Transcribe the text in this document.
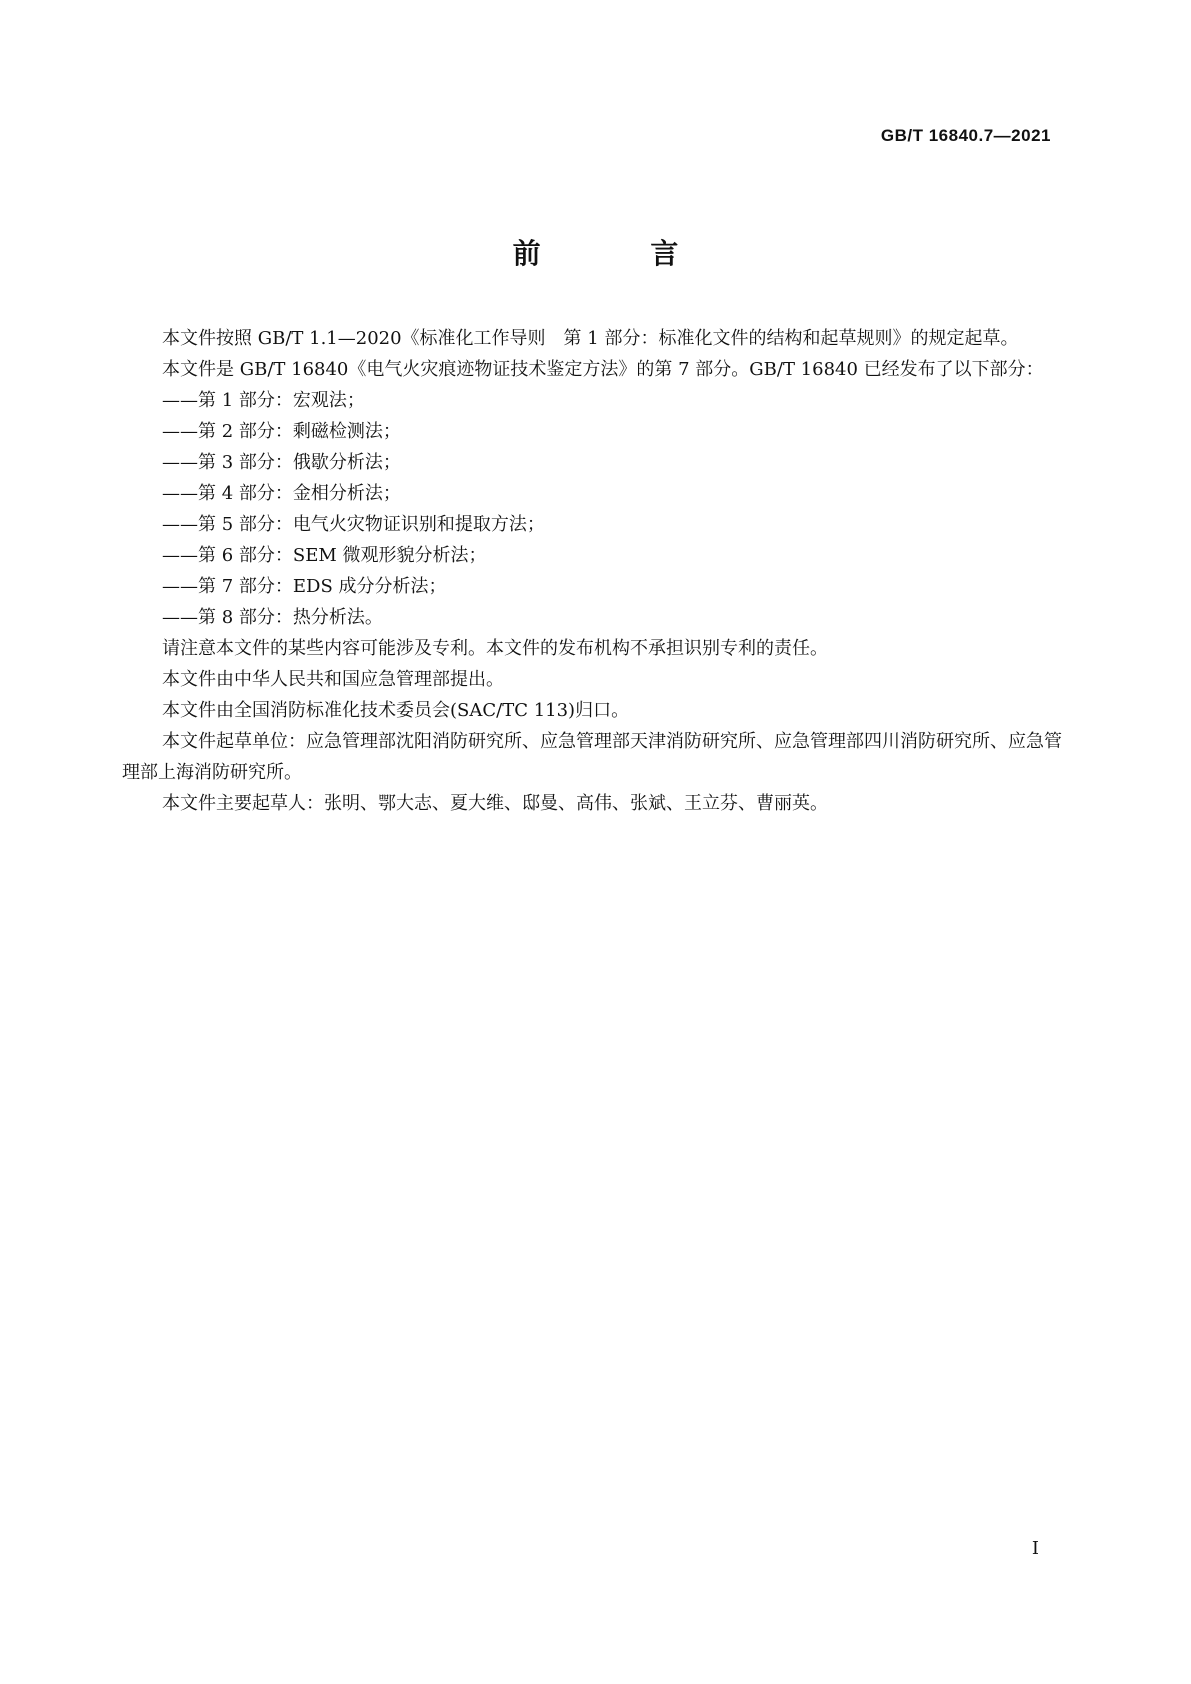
GB/T 16840.7—2021
前 言

本文件按照 GB/T 1.1—2020《标准化工作导则　第 1 部分：标准化文件的结构和起草规则》的规定起草。

本文件是 GB/T 16840《电气火灾痕迹物证技术鉴定方法》的第 7 部分。GB/T 16840 已经发布了以下部分：

——第 1 部分：宏观法；

——第 2 部分：剩磁检测法；

——第 3 部分：俄歇分析法；

——第 4 部分：金相分析法；

——第 5 部分：电气火灾物证识别和提取方法；

——第 6 部分：SEM 微观形貌分析法；

——第 7 部分：EDS 成分分析法；

——第 8 部分：热分析法。

请注意本文件的某些内容可能涉及专利。本文件的发布机构不承担识别专利的责任。

本文件由中华人民共和国应急管理部提出。

本文件由全国消防标准化技术委员会(SAC/TC 113)归口。

本文件起草单位：应急管理部沈阳消防研究所、应急管理部天津消防研究所、应急管理部四川消防研究所、应急管理部上海消防研究所。

本文件主要起草人：张明、鄂大志、夏大维、邸曼、高伟、张斌、王立芬、曹丽英。

I
